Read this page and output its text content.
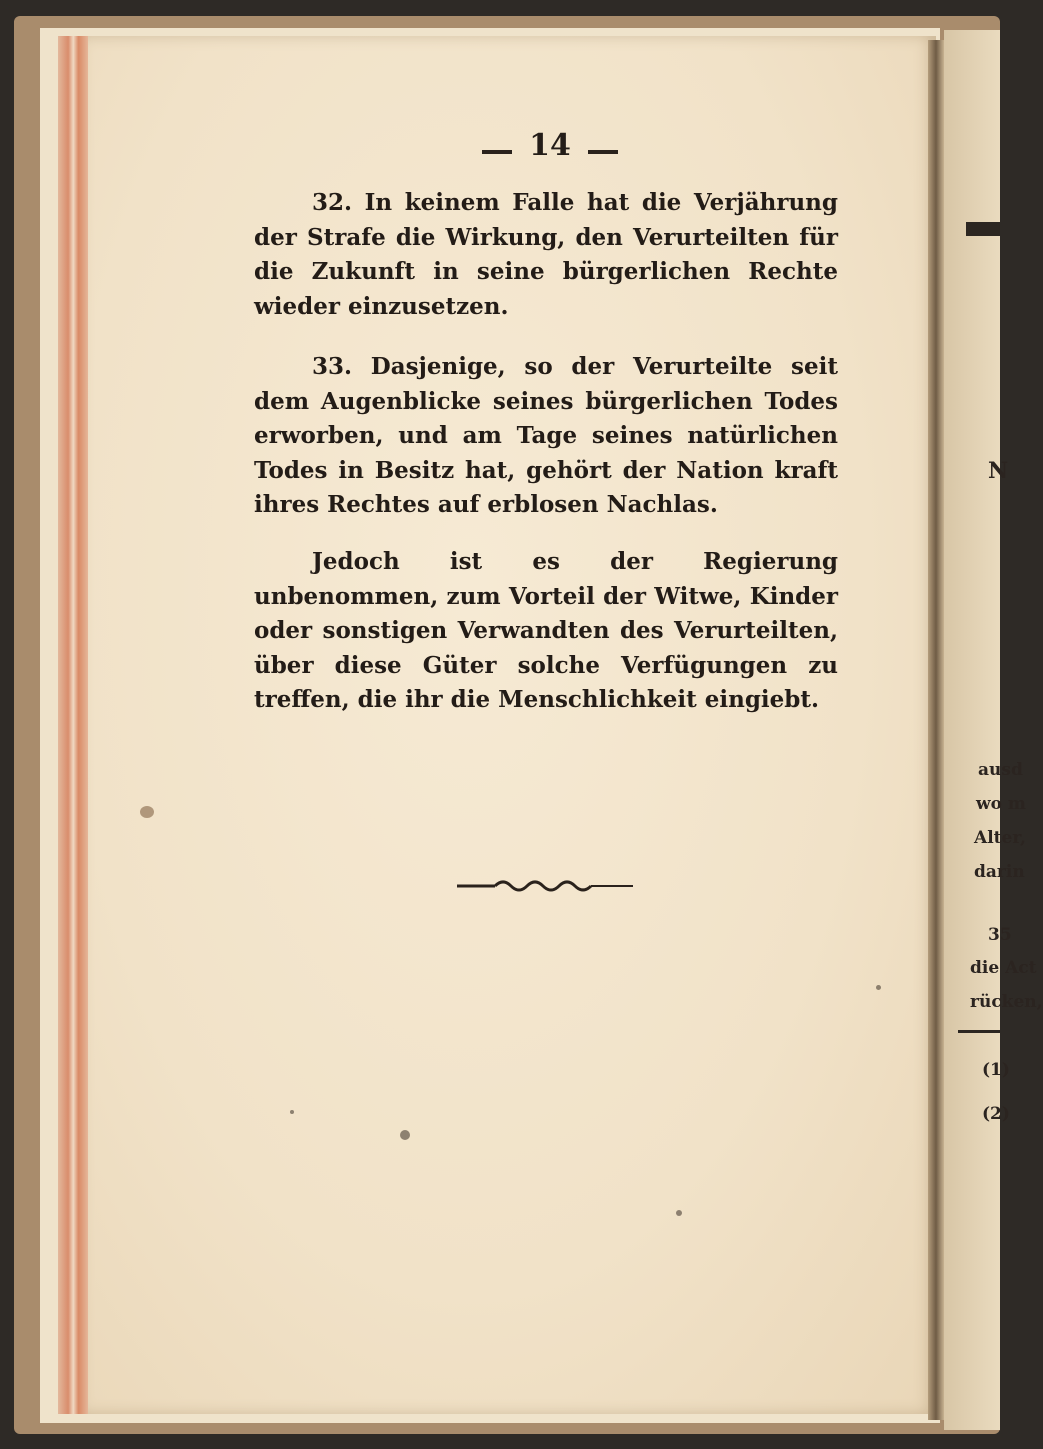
14
32. In keinem Falle hat die Verjährung der Strafe die Wirkung, den Verurteilten für die Zukunft in seine bürgerlichen Rechte wieder einzusetzen.
33. Dasjenige, so der Verurteilte seit dem Augenblicke seines bürgerlichen Todes erworben, und am Tage seines natürlichen Todes in Besitz hat, gehört der Nation kraft ihres Rechtes auf erblosen Nachlas.
Jedoch ist es der Regierung unbenommen, zum Vorteil der Witwe, Kinder oder sonstigen Verwandten des Verurteilten, über diese Güter solche Verfügungen zu treffen, die ihr die Menschlichkeit eingiebt.
N
ausd
wo m
Alter,
darin
35
die Act
rücken,
(1)
(2)
